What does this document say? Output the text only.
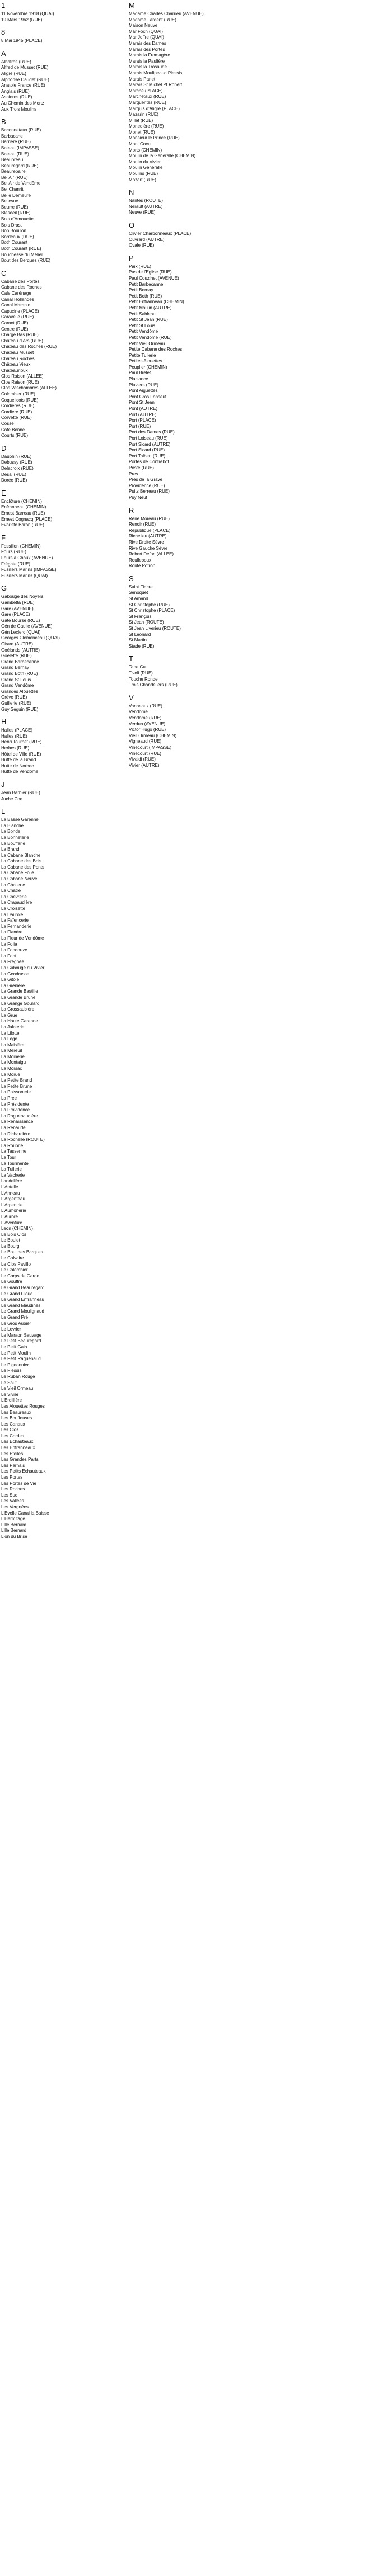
1
11 Novembre 1918 (QUAI)
19 Mars 1962 (RUE)
8
8 Mai 1945 (PLACE)
A
Albatros (RUE)
Alfred de Musset (RUE)
Aligre (RUE)
Alphonse Daudet (RUE)
Anatole France (RUE)
Anglais (RUE)
Asnieres (RUE)
Au Chemin des Mortz
Aux Trois Moulins
B
Baconnetaux (RUE)
Barbacane
Barrière (RUE)
Bateau (IMPASSE)
Bateau (RUE)
Beaupreau
Beauregard (RUE)
Beaurepaire
Bel Air (RUE)
Bel Air de Vendôme
Bel Chanrit
Belle Demeure
Bellevue
Beurre (RUE)
Blesoeil (RUE)
Bois d'Amouette
Bois Drast
Bon Bouillon
Bordeaux (RUE)
Both Courant
Both Courant (RUE)
Bouchesse du Mélier
Bout des Berques (RUE)
C
Cabane des Portes
Cabane des Roches
Cale Carénage
Canal Hollandes
Canal Maranio
Capucine (PLACE)
Caravelle (RUE)
Carnot (RUE)
Centre (RUE)
Charge Bas (RUE)
Château d'Ars (RUE)
Château des Roches (RUE)
Château Musset
Château Roches
Château Vieux
Châteaurioux
Clos Raison (ALLEE)
Clos Raison (RUE)
Clos Vaschambres (ALLEE)
Colombier (RUE)
Coquelicots (RUE)
Cordieres (RUE)
Cordiere (RUE)
Corvette (RUE)
Cosse
Côte Bonne
Courts (RUE)
D
Dauphin (RUE)
Debussy (RUE)
Delacroix (RUE)
Desal (RUE)
Dorée (RUE)
E
Enclôture (CHEMIN)
Enfranneau (CHEMIN)
Ernest Barreau (RUE)
Ernest Cognacq (PLACE)
Evariste Baron (RUE)
F
Fossillon (CHEMIN)
Fours (RUE)
Fours à Chaux (AVENUE)
Frégate (RUE)
Fusiliers Marins (IMPASSE)
Fusiliers Marins (QUAI)
G
Gabouge des Noyers
Gambetta (RUE)
Gare (AVENUE)
Gare (PLACE)
Gâte Bourse (RUE)
Gén de Gaulle (AVENUE)
Gén Leclerc (QUAI)
Georges Clemenceau (QUAI)
Girard (AUTRE)
Goélands (AUTRE)
Goélette (RUE)
Grand Barbecanne
Grand Bernay
Grand Both (RUE)
Grand St Louis
Grand Vendôme
Grandes Alouettes
Grève (RUE)
Guillerie (RUE)
Guy Seguin (RUE)
H
Halles (PLACE)
Halles (RUE)
Henri Tournet (RUE)
Herbes (RUE)
Hôtel de Ville (RUE)
Hutte de la Brand
Hutte de Norbec
Hutte de Vendôme
J
Jean Barbier (RUE)
Juche Coq
L
La Basse Garenne
La Blanche
La Bonde
La Bonneterie
La Bouffarie
La Brand
La Cabane Blanche
La Cabane des Bois
La Cabane des Ponts
La Cabane Folle
La Cabane Neuve
La Challerie
La Châtre
La Chevrerie
La Crapaudière
La Croisette
La Daurole
La Faïencerie
La Fernanderie
La Flandre
La Fleur de Vendôme
La Folie
La Fondouze
La Font
La Frégnée
La Gabouge du Vivier
La Gendrasse
La Gitoie
La Grenière
La Grande Bastille
La Grande Brune
La Grange Goulard
La Grossaubière
La Grue
La Haute Garenne
La Jalaterie
La Lilotte
La Loge
La Maisière
La Mereuil
La Moinerie
La Montaigu
La Morsac
La Morue
La Petite Brand
La Petite Brune
La Poissonerie
La Pree
La Présidente
La Providence
La Raguenaudière
La Renaissance
La Renaude
La Richardière
La Rochelle (ROUTE)
La Rouprie
La Tasserine
La Tour
La Tourmente
La Tuilerie
La Vacherie
Landelière
L'Antelle
L'Anneau
L'Argenteau
L'Arpentrie
L'Aumônerie
L'Aurore
L'Aventure
Leon (CHEMIN)
Le Bois Clos
Le Boulet
Le Bourg
Le Bout des Barques
Le Calvaire
Le Clos Pavillo
Le Colombier
Le Corps de Garde
Le Gouffre
Le Grand Beauregard
Le Grand Clouc
Le Grand Enfranneau
Le Grand Maudines
Le Grand Moulignaud
Le Grand Pré
Le Gros Aubier
Le Levrier
Le Maraon Sauvage
Le Petit Beauregard
Le Petit Gain
Le Petit Moulin
Le Petit Raguenaud
Le Pigeonnier
Le Plessis
Le Ruban Rouge
Le Saut
Le Vieil Ormeau
Le Vivier
L'Erdillière
Les Alouettes Rouges
Les Beaureaux
Les Bouffouses
Les Canaux
Les Clos
Les Cordes
Les Echauteaux
Les Enfranneaux
Les Etoiles
Les Grandes Parts
Les Parnais
Les Petits Echauteaux
Les Portes
Les Portes de Vie
Les Roches
Les Sud
Les Vallées
Les Vergnées
L'Evelle Canal la Baisse
L'Hermitage
L'Ile Bernard
L'Ile Bernard
Lion du Brisé
M
Madame Charles Charrieu (AVENUE)
Madame Lardent (RUE)
Maison Neuve
Mar Foch (QUAI)
Mar Joffre (QUAI)
Marais des Dames
Marais des Portes
Marais la Fromagère
Marais la Paulière
Marais la Trosaude
Marais Moulipeaud Plessis
Marais Panet
Marais St Michel Pt Robert
Marché (PLACE)
Marchetaux (RUE)
Marguerites (RUE)
Marquis d'Aligre (PLACE)
Mazarin (RUE)
Millet (RUE)
Monedière (RUE)
Monet (RUE)
Monsieur le Prince (RUE)
Mont Cocu
Morts (CHEMIN)
Moulin de la Généralle (CHEMIN)
Moulin du Vivier
Moulin Généralle
Moulins (RUE)
Mozart (RUE)
N
Nantes (ROUTE)
Nérault (AUTRE)
Neuve (RUE)
O
Olivier Charbonneaux (PLACE)
Ouvrard (AUTRE)
Ovale (RUE)
P
Paix (RUE)
Pas de l'Eglise (RUE)
Paul Couzinet (AVENUE)
Petit Barbecanne
Petit Bernay
Petit Both (RUE)
Petit Enfranneau (CHEMIN)
Petit Moulin (AUTRE)
Petit Sableau
Petit St Jean (RUE)
Petit St Louis
Petit Vendôme
Petit Vendôme (RUE)
Petit Vieil Ormeau
Petite Cabane des Roches
Petite Tuilerie
Petites Alouettes
Peuplier (CHEMIN)
Paul Brelet
Plaisance
Pluviers (RUE)
Pont Aiguettes
Pont Gros Fonseuf
Pont St Jean
Pont (AUTRE)
Port (AUTRE)
Port (PLACE)
Port (RUE)
Port des Dames (RUE)
Port Loiseau (RUE)
Port Sicard (AUTRE)
Port Sicard (RUE)
Port Talbert (RUE)
Portes de Contrebot
Poste (RUE)
Pres
Prés de la Grave
Providence (RUE)
Puits Berreau (RUE)
Puy Neuf
R
René Moreau (RUE)
Renoir (RUE)
République (PLACE)
Richelieu (AUTRE)
Rive Droite Sèvre
Rive Gauche Sèvre
Robert Deforl (ALLEE)
Roulleboux
Route Potron
S
Saint Fiacre
Senoquet
St Amand
St Christophe (RUE)
St Christophe (PLACE)
St François
St Jean (ROUTE)
St Jean Liverieu (ROUTE)
St Léonard
St Martin
Stade (RUE)
T
Tape Cul
Tivoli (RUE)
Touche Ronde
Trois Chandeliers (RUE)
V
Vanneaux (RUE)
Vendôme
Vendôme (RUE)
Verdun (AVENUE)
Victor Hugo (RUE)
Vieil Ormeau (CHEMIN)
Vigneaud (RUE)
Vinecourt (IMPASSE)
Vinecourt (RUE)
Vivaldi (RUE)
Vivier (AUTRE)
